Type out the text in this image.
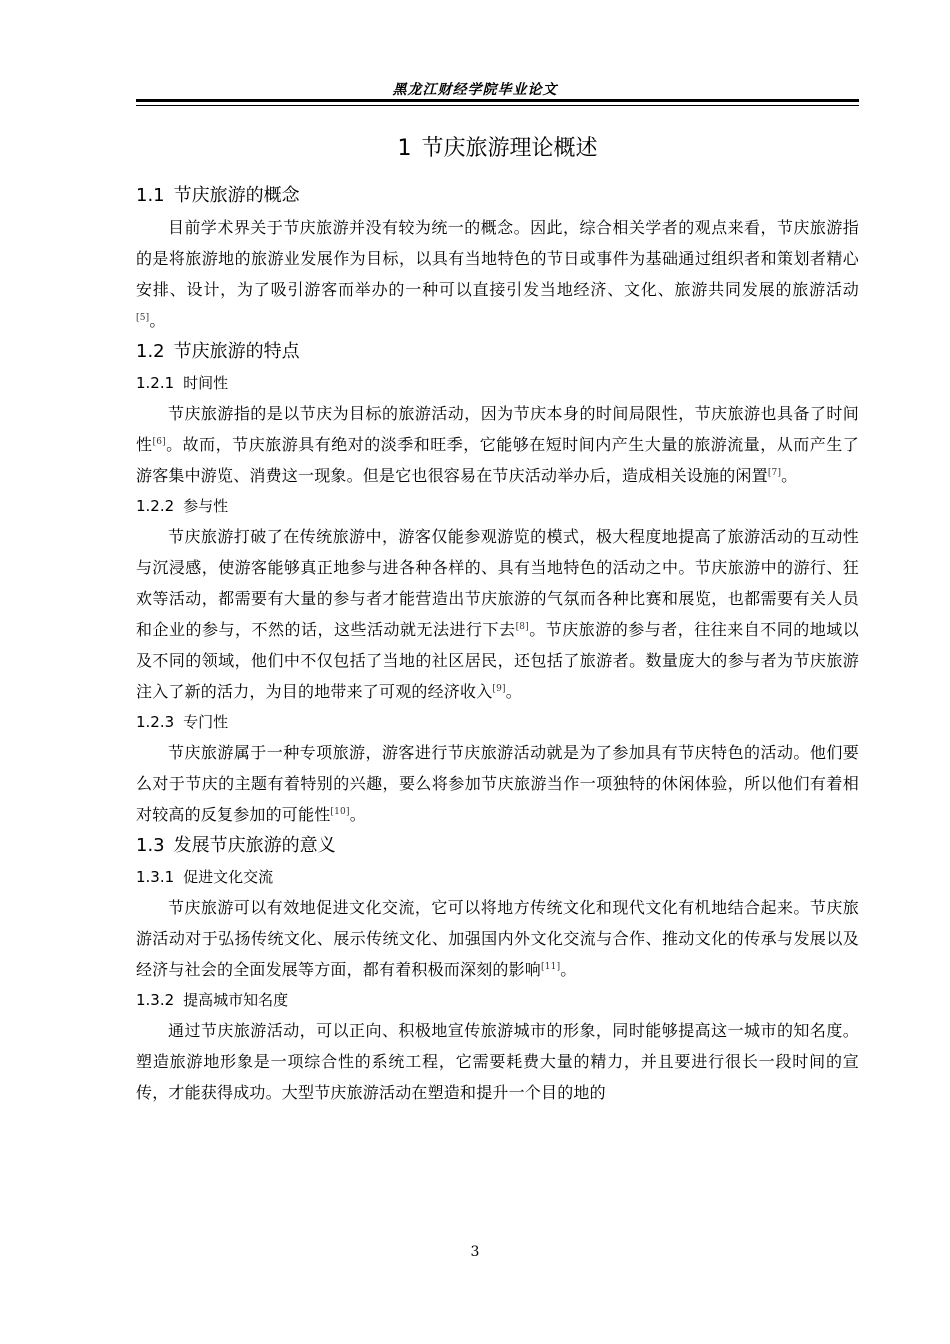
黑龙江财经学院毕业论文
1 节庆旅游理论概述
1.1 节庆旅游的概念

目前学术界关于节庆旅游并没有较为统一的概念。因此，综合相关学者的观点来看，节庆旅游指的是将旅游地的旅游业发展作为目标，以具有当地特色的节日或事件为基础通过组织者和策划者精心安排、设计，为了吸引游客而举办的一种可以直接引发当地经济、文化、旅游共同发展的旅游活动[5]。

1.2 节庆旅游的特点
1.2.1 时间性

节庆旅游指的是以节庆为目标的旅游活动，因为节庆本身的时间局限性，节庆旅游也具备了时间性[6]。故而，节庆旅游具有绝对的淡季和旺季，它能够在短时间内产生大量的旅游流量，从而产生了游客集中游览、消费这一现象。但是它也很容易在节庆活动举办后，造成相关设施的闲置[7]。

1.2.2 参与性

节庆旅游打破了在传统旅游中，游客仅能参观游览的模式，极大程度地提高了旅游活动的互动性与沉浸感，使游客能够真正地参与进各种各样的、具有当地特色的活动之中。节庆旅游中的游行、狂欢等活动，都需要有大量的参与者才能营造出节庆旅游的气氛而各种比赛和展览，也都需要有关人员和企业的参与，不然的话，这些活动就无法进行下去[8]。节庆旅游的参与者，往往来自不同的地域以及不同的领域，他们中不仅包括了当地的社区居民，还包括了旅游者。数量庞大的参与者为节庆旅游注入了新的活力，为目的地带来了可观的经济收入[9]。

1.2.3 专门性

节庆旅游属于一种专项旅游，游客进行节庆旅游活动就是为了参加具有节庆特色的活动。他们要么对于节庆的主题有着特别的兴趣，要么将参加节庆旅游当作一项独特的休闲体验，所以他们有着相对较高的反复参加的可能性[10]。

1.3 发展节庆旅游的意义
1.3.1 促进文化交流

节庆旅游可以有效地促进文化交流，它可以将地方传统文化和现代文化有机地结合起来。节庆旅游活动对于弘扬传统文化、展示传统文化、加强国内外文化交流与合作、推动文化的传承与发展以及经济与社会的全面发展等方面，都有着积极而深刻的影响[11]。

1.3.2 提高城市知名度

通过节庆旅游活动，可以正向、积极地宣传旅游城市的形象，同时能够提高这一城市的知名度。塑造旅游地形象是一项综合性的系统工程，它需要耗费大量的精力，并且要进行很长一段时间的宣传，才能获得成功。大型节庆旅游活动在塑造和提升一个目的地的

3
